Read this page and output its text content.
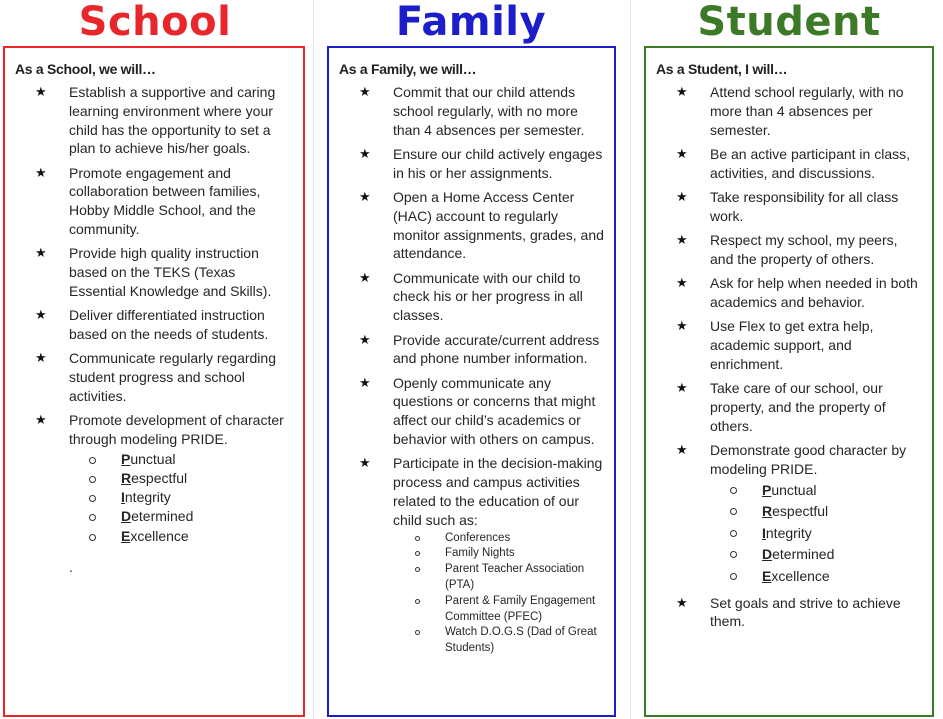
School
As a School, we will…
★ Establish a supportive and caring learning environment where your child has the opportunity to set a plan to achieve his/her goals.
★ Promote engagement and collaboration between families, Hobby Middle School, and the community.
★ Provide high quality instruction based on the TEKS (Texas Essential Knowledge and Skills).
★ Deliver differentiated instruction based on the needs of students.
★ Communicate regularly regarding student progress and school activities.
★ Promote development of character through modeling PRIDE.
Punctual
Respectful
Integrity
Determined
Excellence
.
Family
As a Family, we will…
★ Commit that our child attends school regularly, with no more than 4 absences per semester.
★ Ensure our child actively engages in his or her assignments.
★ Open a Home Access Center (HAC) account to regularly monitor assignments, grades, and attendance.
★ Communicate with our child to check his or her progress in all classes.
★ Provide accurate/current address and phone number information.
★ Openly communicate any questions or concerns that might affect our child’s academics or behavior with others on campus.
★ Participate in the decision-making process and campus activities related to the education of our child such as:
Conferences
Family Nights
Parent Teacher Association (PTA)
Parent & Family Engagement Committee (PFEC)
Watch D.O.G.S (Dad of Great Students)
Student
As a Student, I will…
★ Attend school regularly, with no more than 4 absences per semester.
★ Be an active participant in class, activities, and discussions.
★ Take responsibility for all class work.
★ Respect my school, my peers, and the property of others.
★ Ask for help when needed in both academics and behavior.
★ Use Flex to get extra help, academic support, and enrichment.
★ Take care of our school, our property, and the property of others.
★ Demonstrate good character by modeling PRIDE.
Punctual
Respectful
Integrity
Determined
Excellence
★ Set goals and strive to achieve them.
